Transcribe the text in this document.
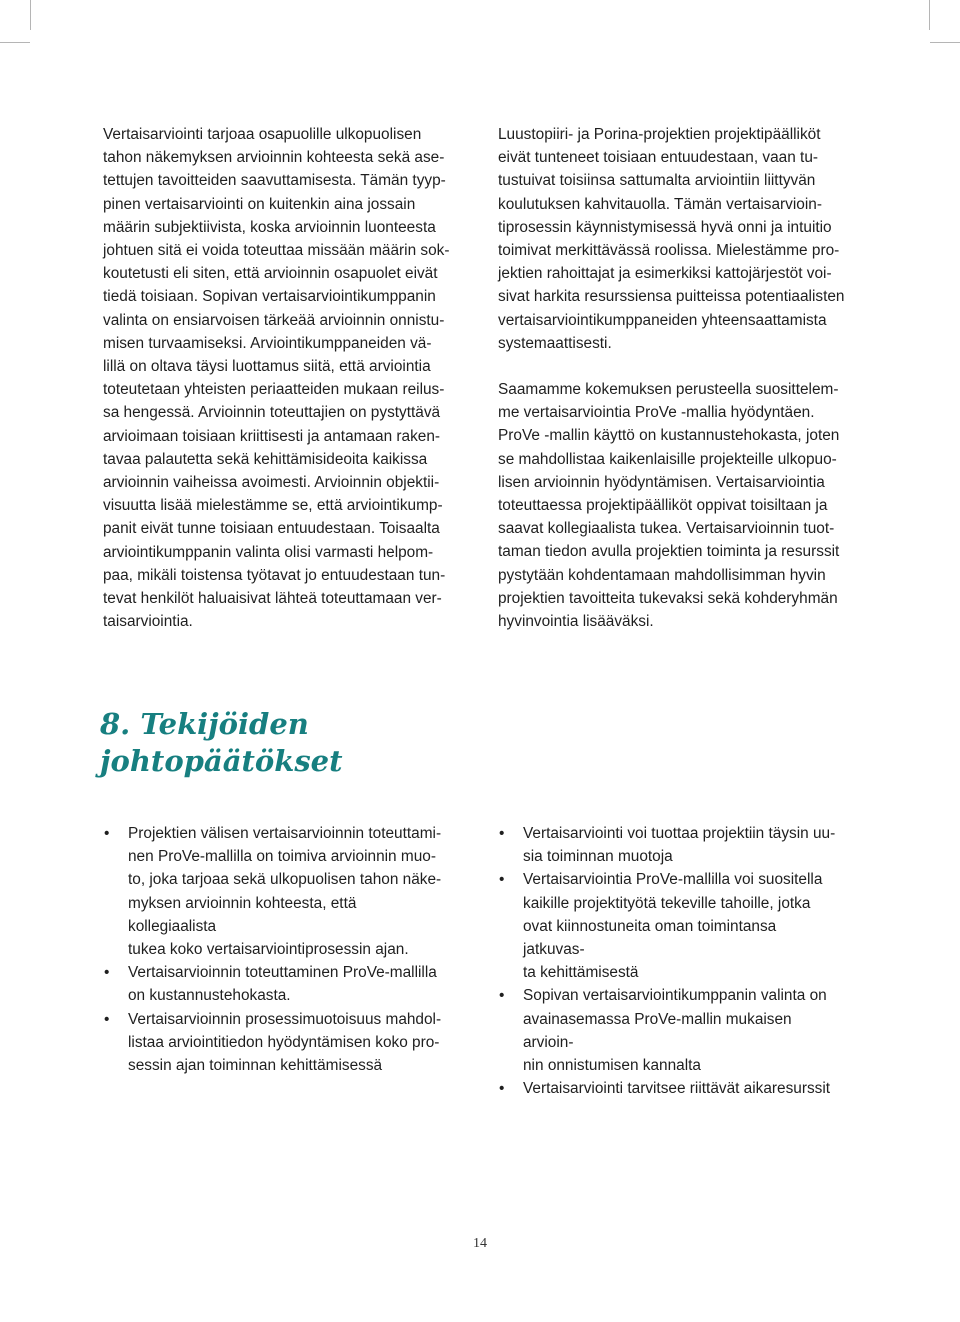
Vertaisarviointi tarjoaa osapuolille ulkopuolisen
tahon näkemyksen arvioinnin kohteesta sekä ase-
tettujen tavoitteiden saavuttamisesta. Tämän tyyp-
pinen vertaisarviointi on kuitenkin aina jossain
määrin subjektiivista, koska arvioinnin luonteesta
johtuen sitä ei voida toteuttaa missään määrin sok-
koutetusti eli siten, että arvioinnin osapuolet eivät
tiedä toisiaan. Sopivan vertaisarviointikumppanin
valinta on ensiarvoisen tärkeää arvioinnin onnistu-
misen turvaamiseksi. Arviointikumppaneiden vä-
lillä on oltava täysi luottamus siitä, että arviointia
toteutetaan yhteisten periaatteiden mukaan reilus-
sa hengessä. Arvioinnin toteuttajien on pystyttävä
arvioimaan toisiaan kriittisesti ja antamaan raken-
tavaa palautetta sekä kehittämisideoita kaikissa
arvioinnin vaiheissa avoimesti. Arvioinnin objektii-
visuutta lisää mielestämme se, että arviointikump-
panit eivät tunne toisiaan entuudestaan. Toisaalta
arviointikumppanin valinta olisi varmasti helpom-
paa, mikäli toistensa työtavat jo entuudestaan tun-
tevat henkilöt haluaisivat lähteä toteuttamaan ver-
taisarviointia.

Luustopiiri- ja Porina-projektien projektipäälliköt
eivät tunteneet toisiaan entuudestaan, vaan tu-
tustuivat toisiinsa sattumalta arviointiin liittyvän
koulutuksen kahvitauolla. Tämän vertaisarvioin-
tiprosessin käynnistymisessä hyvä onni ja intuitio
toimivat merkittävässä roolissa. Mielestämme pro-
jektien rahoittajat ja esimerkiksi kattojärjestöt voi-
sivat harkita resurssiensa puitteissa potentiaalisten
vertaisarviointikumppaneiden yhteensaattamista
systemaattisesti.

Saamamme kokemuksen perusteella suosittelem-
me vertaisarviointia ProVe -mallia hyödyntäen.
ProVe -mallin käyttö on kustannustehokasta, joten
se mahdollistaa kaikenlaisille projekteille ulkopuo-
lisen arvioinnin hyödyntämisen. Vertaisarviointia
toteuttaessa projektipäälliköt oppivat toisiltaan ja
saavat kollegiaalista tukea. Vertaisarvioinnin tuot-
taman tiedon avulla projektien toiminta ja resurssit
pystytään kohdentamaan mahdollisimman hyvin
projektien tavoitteita tukevaksi sekä kohderyhmän
hyvinvointia lisääväksi.

8. Tekijöiden
johtopäätökset
•	Projektien välisen vertaisarvioinnin toteuttami-
nen ProVe-mallilla on toimiva arvioinnin muo-
to, joka tarjoaa sekä ulkopuolisen tahon näke-
myksen arvioinnin kohteesta, että kollegiaalista
tukea koko vertaisarviointiprosessin ajan.
•	Vertaisarvioinnin toteuttaminen ProVe-mallilla
on kustannustehokasta.
•	Vertaisarvioinnin prosessimuotoisuus mahdol-
listaa arviointitiedon hyödyntämisen koko pro-
sessin ajan toiminnan kehittämisessä
•	Vertaisarviointi voi tuottaa projektiin täysin uu-
sia toiminnan muotoja
•	Vertaisarviointia ProVe-mallilla voi suositella
kaikille projektityötä tekeville tahoille, jotka
ovat kiinnostuneita oman toimintansa jatkuvas-
ta kehittämisestä
•	Sopivan vertaisarviointikumppanin valinta on
avainasemassa ProVe-mallin mukaisen arvioin-
nin onnistumisen kannalta
•	Vertaisarviointi tarvitsee riittävät aikaresurssit
14
